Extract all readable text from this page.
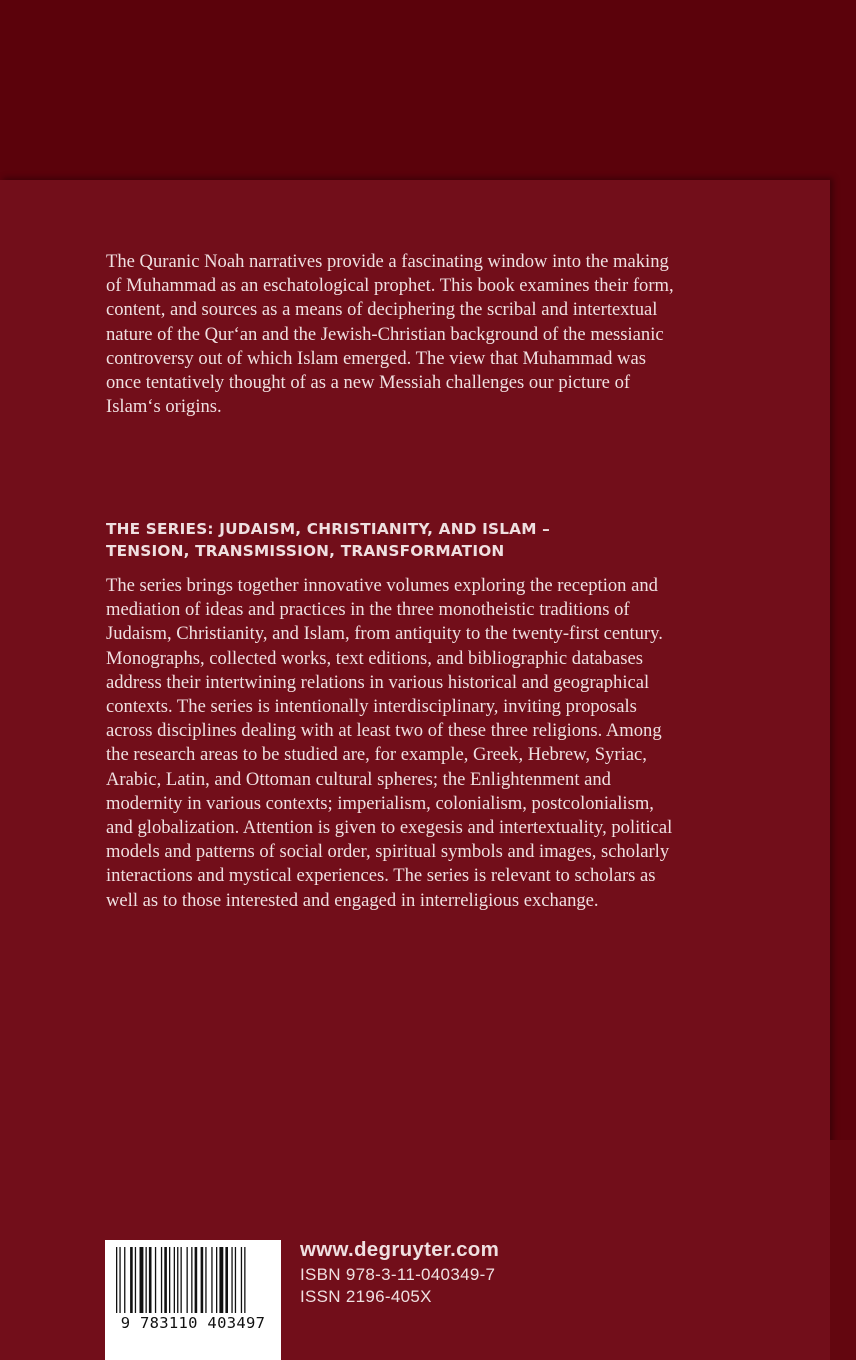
The Quranic Noah narratives provide a fascinating window into the making
of Muhammad as an eschatological prophet. This book examines their form,
content, and sources as a means of deciphering the scribal and intertextual
nature of the Qur‘an and the Jewish-Christian background of the messianic
controversy out of which Islam emerged. The view that Muhammad was
once tentatively thought of as a new Messiah challenges our picture of
Islam‘s origins.
THE SERIES: JUDAISM, CHRISTIANITY, AND ISLAM –
TENSION, TRANSMISSION, TRANSFORMATION
The series brings together innovative volumes exploring the reception and
mediation of ideas and practices in the three monotheistic traditions of
Judaism, Christianity, and Islam, from antiquity to the twenty-first century.
Monographs, collected works, text editions, and bibliographic databases
address their intertwining relations in various historical and geographical
contexts. The series is intentionally interdisciplinary, inviting proposals
across disciplines dealing with at least two of these three religions. Among
the research areas to be studied are, for example, Greek, Hebrew, Syriac,
Arabic, Latin, and Ottoman cultural spheres; the Enlightenment and
modernity in various contexts; imperialism, colonialism, postcolonialism,
and globalization. Attention is given to exegesis and intertextuality, political
models and patterns of social order, spiritual symbols and images, scholarly
interactions and mystical experiences. The series is relevant to scholars as
well as to those interested and engaged in interreligious exchange.
9 783110 403497
www.degruyter.com
ISBN 978-3-11-040349-7
ISSN 2196-405X
